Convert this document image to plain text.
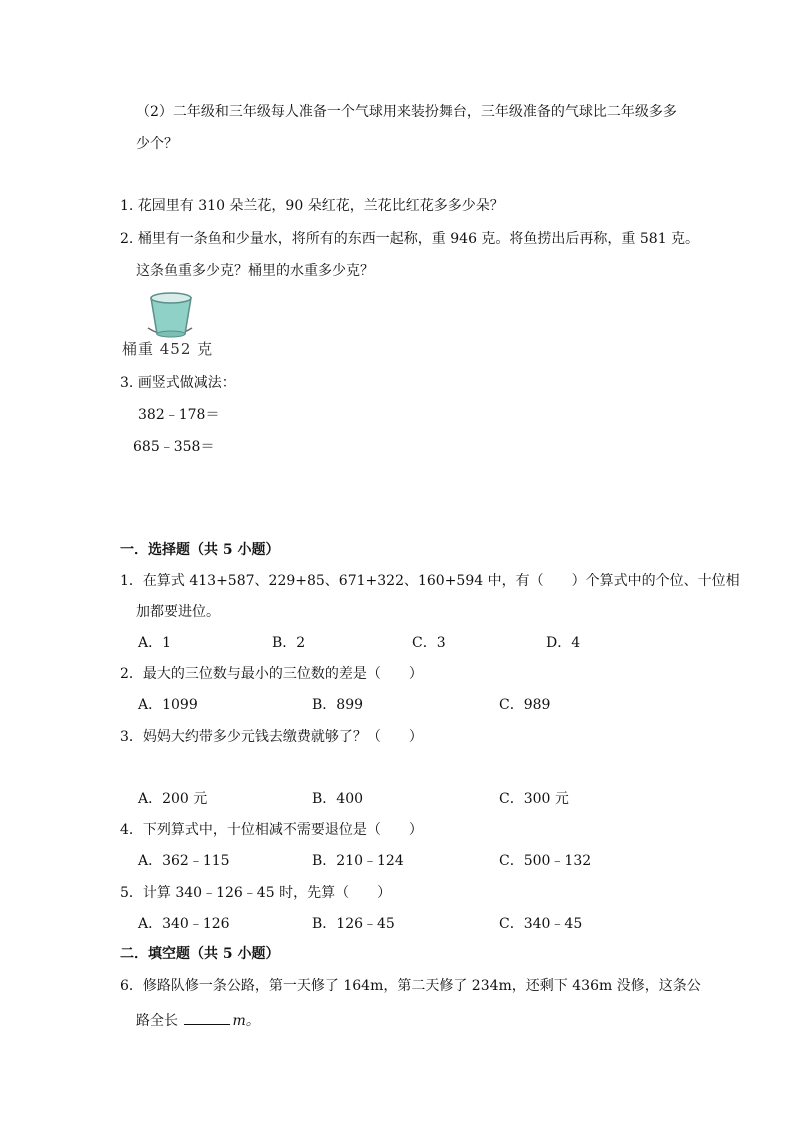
（2）二年级和三年级每人准备一个气球用来装扮舞台，三年级准备的气球比二年级多多
少个？
1. 花园里有 310 朵兰花，90 朵红花，兰花比红花多多少朵？
2. 桶里有一条鱼和少量水，将所有的东西一起称，重 946 克。将鱼捞出后再称，重 581 克。
这条鱼重多少克？桶里的水重多少克？
桶重 452 克
3. 画竖式做减法：
382﹣178＝
685﹣358＝
一．选择题（共 5 小题）
1．在算式 413+587、229+85、671+322、160+594 中，有（　　）个算式中的个位、十位相
加都要进位。
A．1	B．2	C．3	D．4
2．最大的三位数与最小的三位数的差是（　　）
A．1099	B．899	C．989
3．妈妈大约带多少元钱去缴费就够了？（　　）
A．200 元	B．400	C．300 元
4．下列算式中，十位相减不需要退位是（　　）
A．362﹣115	B．210﹣124	C．500﹣132
5．计算 340﹣126﹣45 时，先算（　　）
A．340﹣126	B．126﹣45	C．340﹣45
二．填空题（共 5 小题）
6．修路队修一条公路，第一天修了 164m，第二天修了 234m，还剩下 436m 没修，这条公
路全长	m。
